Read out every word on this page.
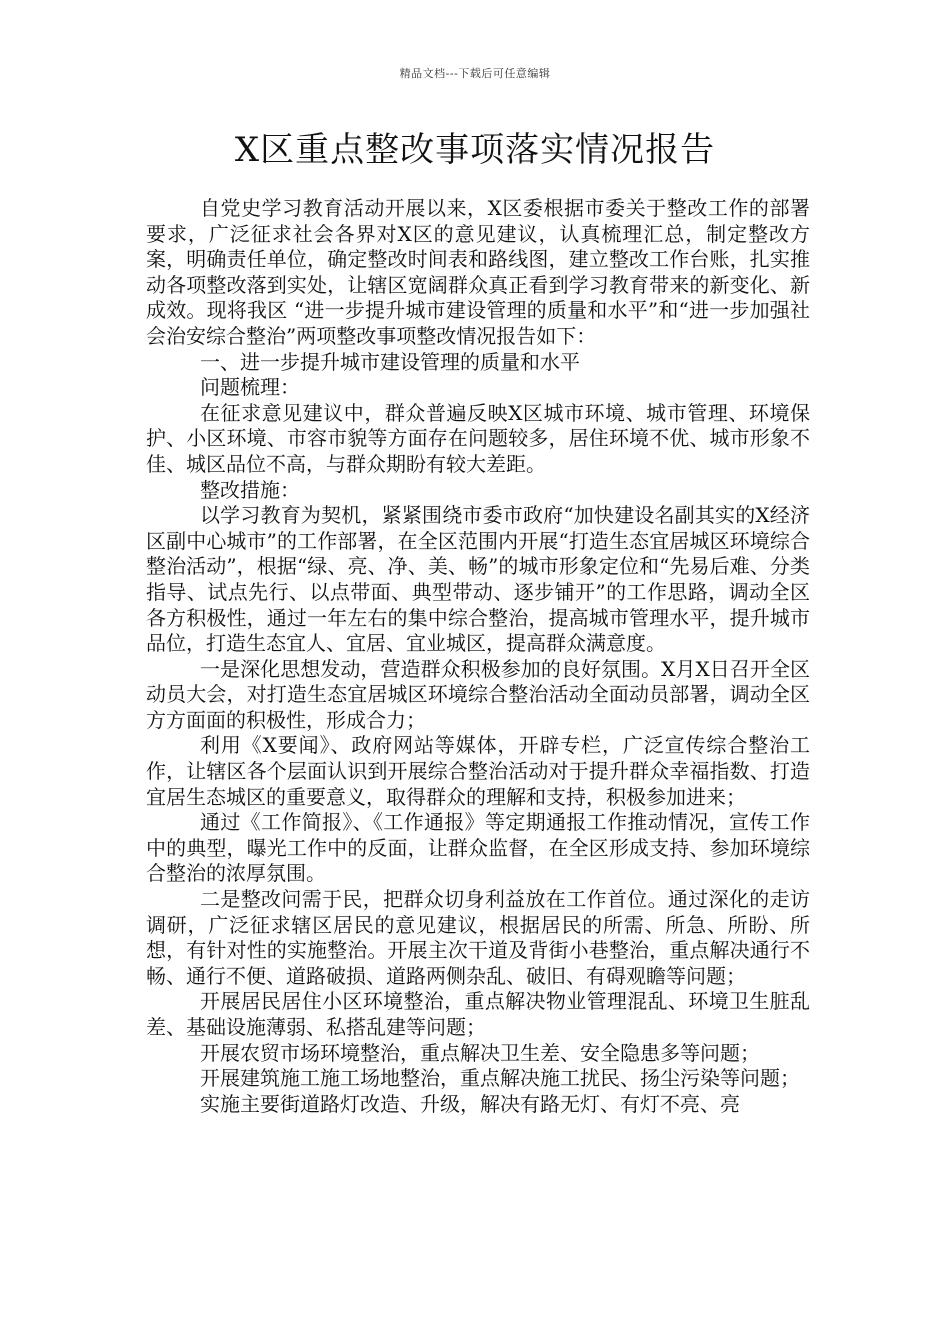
精品文档---下载后可任意编辑
X区重点整改事项落实情况报告

自党史学习教育活动开展以来，X区委根据市委关于整改工作的部署要求，广泛征求社会各界对X区的意见建议，认真梳理汇总，制定整改方案，明确责任单位，确定整改时间表和路线图，建立整改工作台账，扎实推动各项整改落到实处，让辖区宽阔群众真正看到学习教育带来的新变化、新成效。现将我区 “进一步提升城市建设管理的质量和水平”和“进一步加强社会治安综合整治”两项整改事项整改情况报告如下：

一、进一步提升城市建设管理的质量和水平

问题梳理：

在征求意见建议中，群众普遍反映X区城市环境、城市管理、环境保护、小区环境、市容市貌等方面存在问题较多，居住环境不优、城市形象不佳、城区品位不高，与群众期盼有较大差距。

整改措施：

以学习教育为契机，紧紧围绕市委市政府“加快建设名副其实的X经济区副中心城市”的工作部署，在全区范围内开展“打造生态宜居城区环境综合整治活动”，根据“绿、亮、净、美、畅”的城市形象定位和“先易后难、分类指导、试点先行、以点带面、典型带动、逐步铺开”的工作思路，调动全区各方积极性，通过一年左右的集中综合整治，提高城市管理水平，提升城市品位，打造生态宜人、宜居、宜业城区，提高群众满意度。

一是深化思想发动，营造群众积极参加的良好氛围。X月X日召开全区动员大会，对打造生态宜居城区环境综合整治活动全面动员部署，调动全区方方面面的积极性，形成合力；

利用《X要闻》、政府网站等媒体，开辟专栏，广泛宣传综合整治工作，让辖区各个层面认识到开展综合整治活动对于提升群众幸福指数、打造宜居生态城区的重要意义，取得群众的理解和支持，积极参加进来；

通过《工作简报》、《工作通报》等定期通报工作推动情况，宣传工作中的典型，曝光工作中的反面，让群众监督，在全区形成支持、参加环境综合整治的浓厚氛围。

二是整改问需于民，把群众切身利益放在工作首位。通过深化的走访调研，广泛征求辖区居民的意见建议，根据居民的所需、所急、所盼、所想，有针对性的实施整治。开展主次干道及背街小巷整治，重点解决通行不畅、通行不便、道路破损、道路两侧杂乱、破旧、有碍观瞻等问题；

开展居民居住小区环境整治，重点解决物业管理混乱、环境卫生脏乱差、基础设施薄弱、私搭乱建等问题；

开展农贸市场环境整治，重点解决卫生差、安全隐患多等问题；

开展建筑施工施工场地整治，重点解决施工扰民、扬尘污染等问题；

实施主要街道路灯改造、升级，解决有路无灯、有灯不亮、亮
